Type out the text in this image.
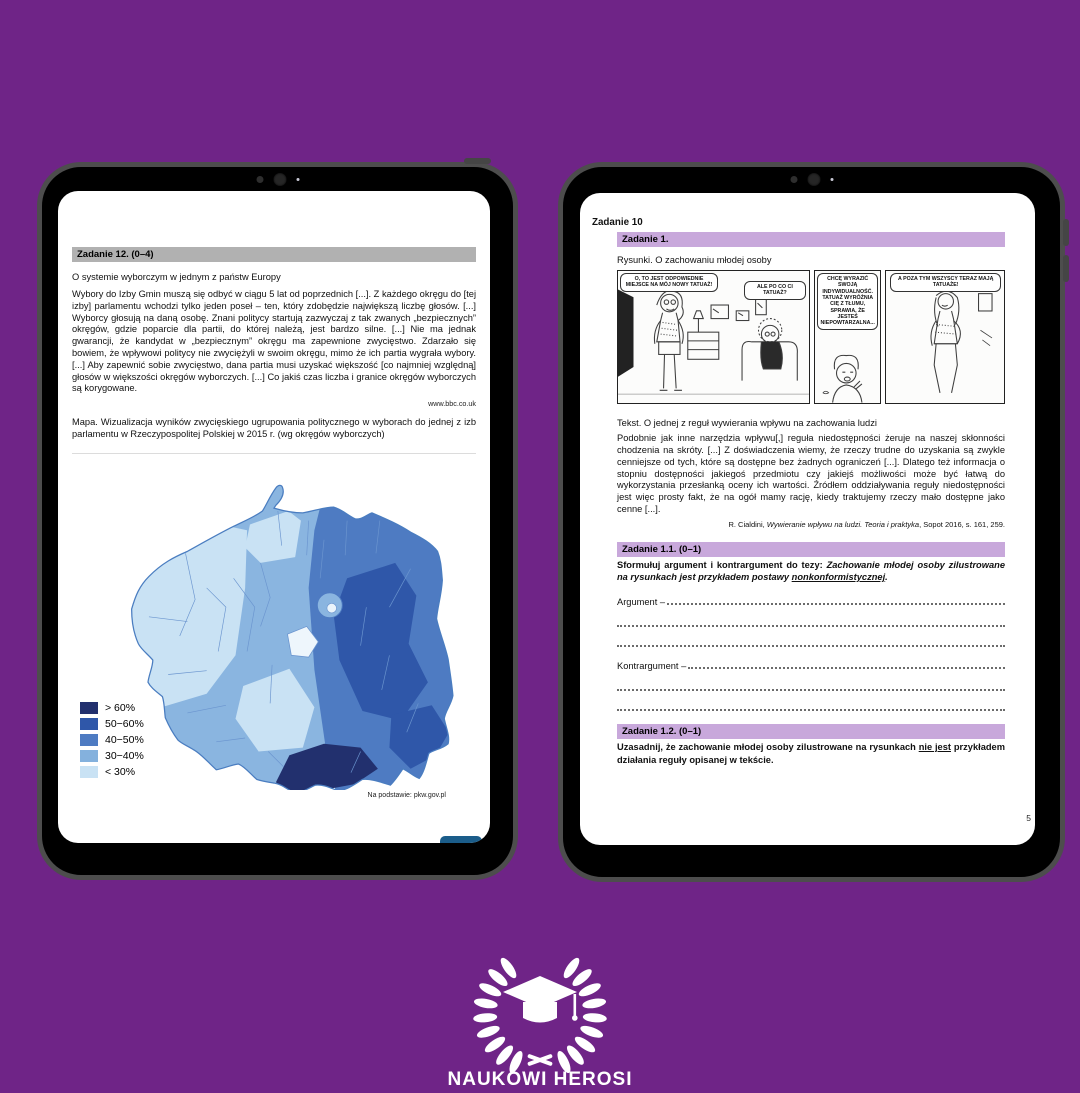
Zadanie 12. (0–4)
O systemie wyborczym w jednym z państw Europy
Wybory do Izby Gmin muszą się odbyć w ciągu 5 lat od poprzednich [...]. Z każdego okręgu do [tej izby] parlamentu wchodzi tylko jeden poseł – ten, który zdobędzie największą liczbę głosów. [...] Wyborcy głosują na daną osobę. Znani politycy startują zazwyczaj z tak zwanych „bezpiecznych” okręgów, gdzie poparcie dla partii, do której należą, jest bardzo silne. [...] Nie ma jednak gwarancji, że kandydat w „bezpiecznym” okręgu ma zapewnione zwycięstwo. Zdarzało się bowiem, że wpływowi politycy nie zwyciężyli w swoim okręgu, mimo że ich partia wygrała wybory. [...] Aby zapewnić sobie zwycięstwo, dana partia musi uzyskać większość [co najmniej względną] głosów w większości okręgów wyborczych. [...] Co jakiś czas liczba i granice okręgów wyborczych są korygowane.
www.bbc.co.uk
Mapa. Wizualizacja wyników zwycięskiego ugrupowania politycznego w wyborach do jednej z izb parlamentu w Rzeczypospolitej Polskiej w 2015 r. (wg okręgów wyborczych)
> 60%
50−60%
40−50%
30−40%
< 30%
Na podstawie: pkw.gov.pl
Zadanie 10
Zadanie 1.
Rysunki. O zachowaniu młodej osoby
O, TO JEST ODPOWIEDNIE MIEJSCE NA MÓJ NOWY TATUAŻ!	ALE PO CO CI TATUAŻ?
CHCĘ WYRAZIĆ SWOJĄ INDYWIDUALNOŚĆ. TATUAŻ WYRÓŻNIA CIĘ Z TŁUMU, SPRAWIA, ŻE JESTEŚ NIEPOWTARZALNA...
A POZA TYM WSZYSCY TERAZ MAJĄ TATUAŻE!
Tekst. O jednej z reguł wywierania wpływu na zachowania ludzi
Podobnie jak inne narzędzia wpływu[,] reguła niedostępności żeruje na naszej skłonności chodzenia na skróty. [...] Z doświadczenia wiemy, że rzeczy trudne do uzyskania są zwykle cenniejsze od tych, które są dostępne bez żadnych ograniczeń [...]. Dlatego też informacja o stopniu dostępności jakiegoś przedmiotu czy jakiejś możliwości może być łatwą do wykorzystania przesłanką oceny ich wartości. Źródłem oddziaływania reguły niedostępności jest więc prosty fakt, że na ogół mamy rację, kiedy traktujemy rzeczy mało dostępne jako cenne [...].
R. Cialdini, Wywieranie wpływu na ludzi. Teoria i praktyka, Sopot 2016, s. 161, 259.
Zadanie 1.1. (0–1)
Sformułuj argument i kontrargument do tezy: Zachowanie młodej osoby zilustrowane na rysunkach jest przykładem postawy nonkonformistycznej.
Argument –
Kontrargument –
Zadanie 1.2. (0–1)
Uzasadnij, że zachowanie młodej osoby zilustrowane na rysunkach nie jest przykładem działania reguły opisanej w tekście.
5
NAUKOWI HEROSI
